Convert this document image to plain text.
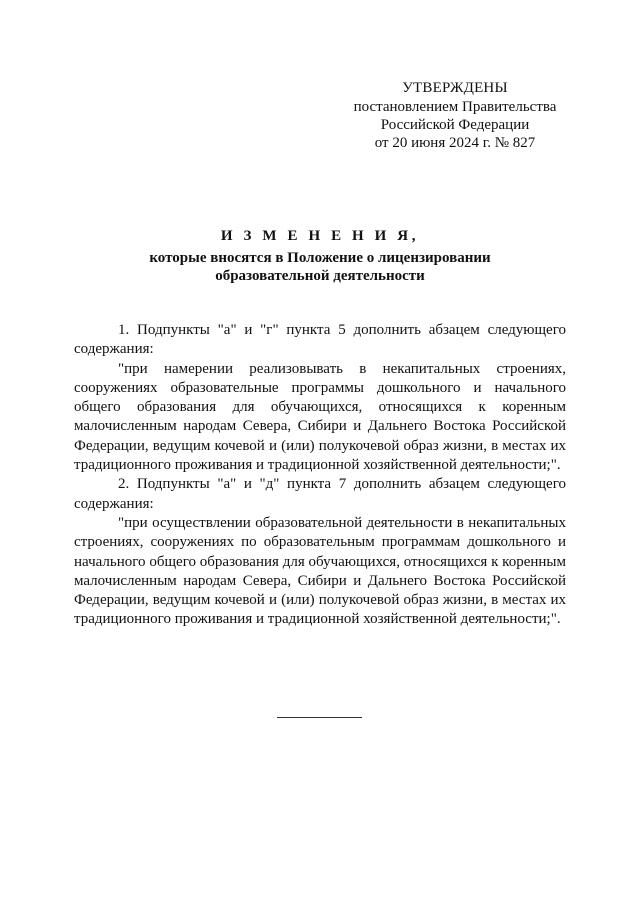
УТВЕРЖДЕНЫ
постановлением Правительства
Российской Федерации
от 20 июня 2024 г. № 827
И З М Е Н Е Н И Я,
которые вносятся в Положение о лицензировании
образовательной деятельности

1. Подпункты "а" и "г" пункта 5 дополнить абзацем следующего содержания:

"при намерении реализовывать в некапитальных строениях, сооружениях образовательные программы дошкольного и начального общего образования для обучающихся, относящихся к коренным малочисленным народам Севера, Сибири и Дальнего Востока Российской Федерации, ведущим кочевой и (или) полукочевой образ жизни, в местах их традиционного проживания и традиционной хозяйственной деятельности;".

2. Подпункты "а" и "д" пункта 7 дополнить абзацем следующего содержания:

"при осуществлении образовательной деятельности в некапитальных строениях, сооружениях по образовательным программам дошкольного и начального общего образования для обучающихся, относящихся к коренным малочисленным народам Севера, Сибири и Дальнего Востока Российской Федерации, ведущим кочевой и (или) полукочевой образ жизни, в местах их традиционного проживания и традиционной хозяйственной деятельности;".
